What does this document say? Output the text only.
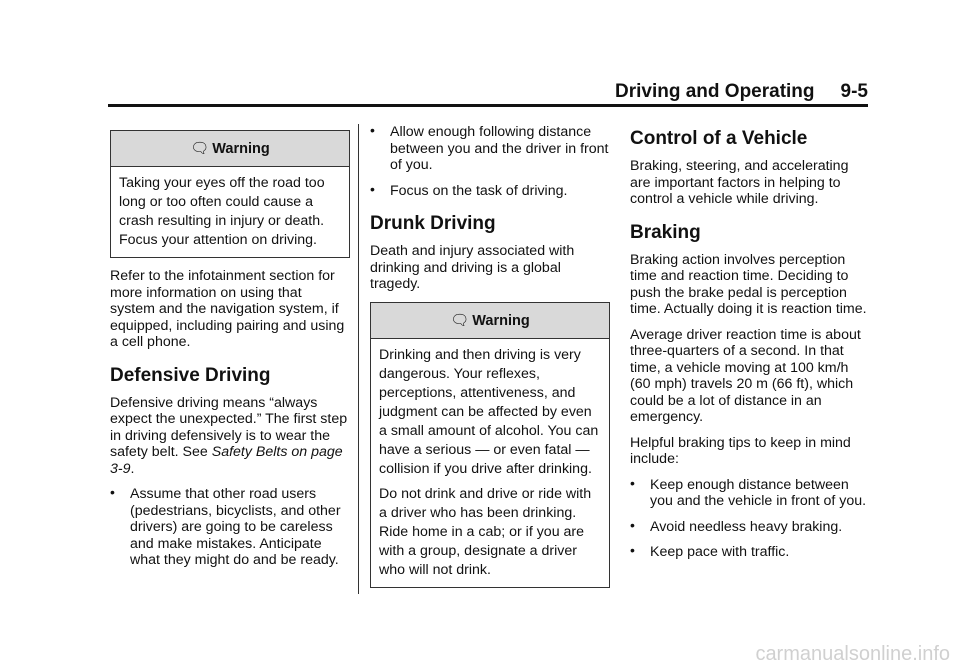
Driving and Operating 9-5
🗨 Warning

Taking your eyes off the road too long or too often could cause a crash resulting in injury or death. Focus your attention on driving.

Refer to the infotainment section for more information on using that system and the navigation system, if equipped, including pairing and using a cell phone.

Defensive Driving

Defensive driving means “always expect the unexpected.” The first step in driving defensively is to wear the safety belt. See Safety Belts on page 3-9.

• Assume that other road users (pedestrians, bicyclists, and other drivers) are going to be careless and make mistakes. Anticipate what they might do and be ready.
• Allow enough following distance between you and the driver in front of you.
• Focus on the task of driving.
Drunk Driving

Death and injury associated with drinking and driving is a global tragedy.

🗨 Warning

Drinking and then driving is very dangerous. Your reflexes, perceptions, attentiveness, and judgment can be affected by even a small amount of alcohol. You can have a serious — or even fatal — collision if you drive after drinking.

Do not drink and drive or ride with a driver who has been drinking. Ride home in a cab; or if you are with a group, designate a driver who will not drink.

Control of a Vehicle

Braking, steering, and accelerating are important factors in helping to control a vehicle while driving.

Braking

Braking action involves perception time and reaction time. Deciding to push the brake pedal is perception time. Actually doing it is reaction time.

Average driver reaction time is about three-quarters of a second. In that time, a vehicle moving at 100 km/h (60 mph) travels 20 m (66 ft), which could be a lot of distance in an emergency.

Helpful braking tips to keep in mind include:

• Keep enough distance between you and the vehicle in front of you.
• Avoid needless heavy braking.
• Keep pace with traffic.
carmanualsonline.info
